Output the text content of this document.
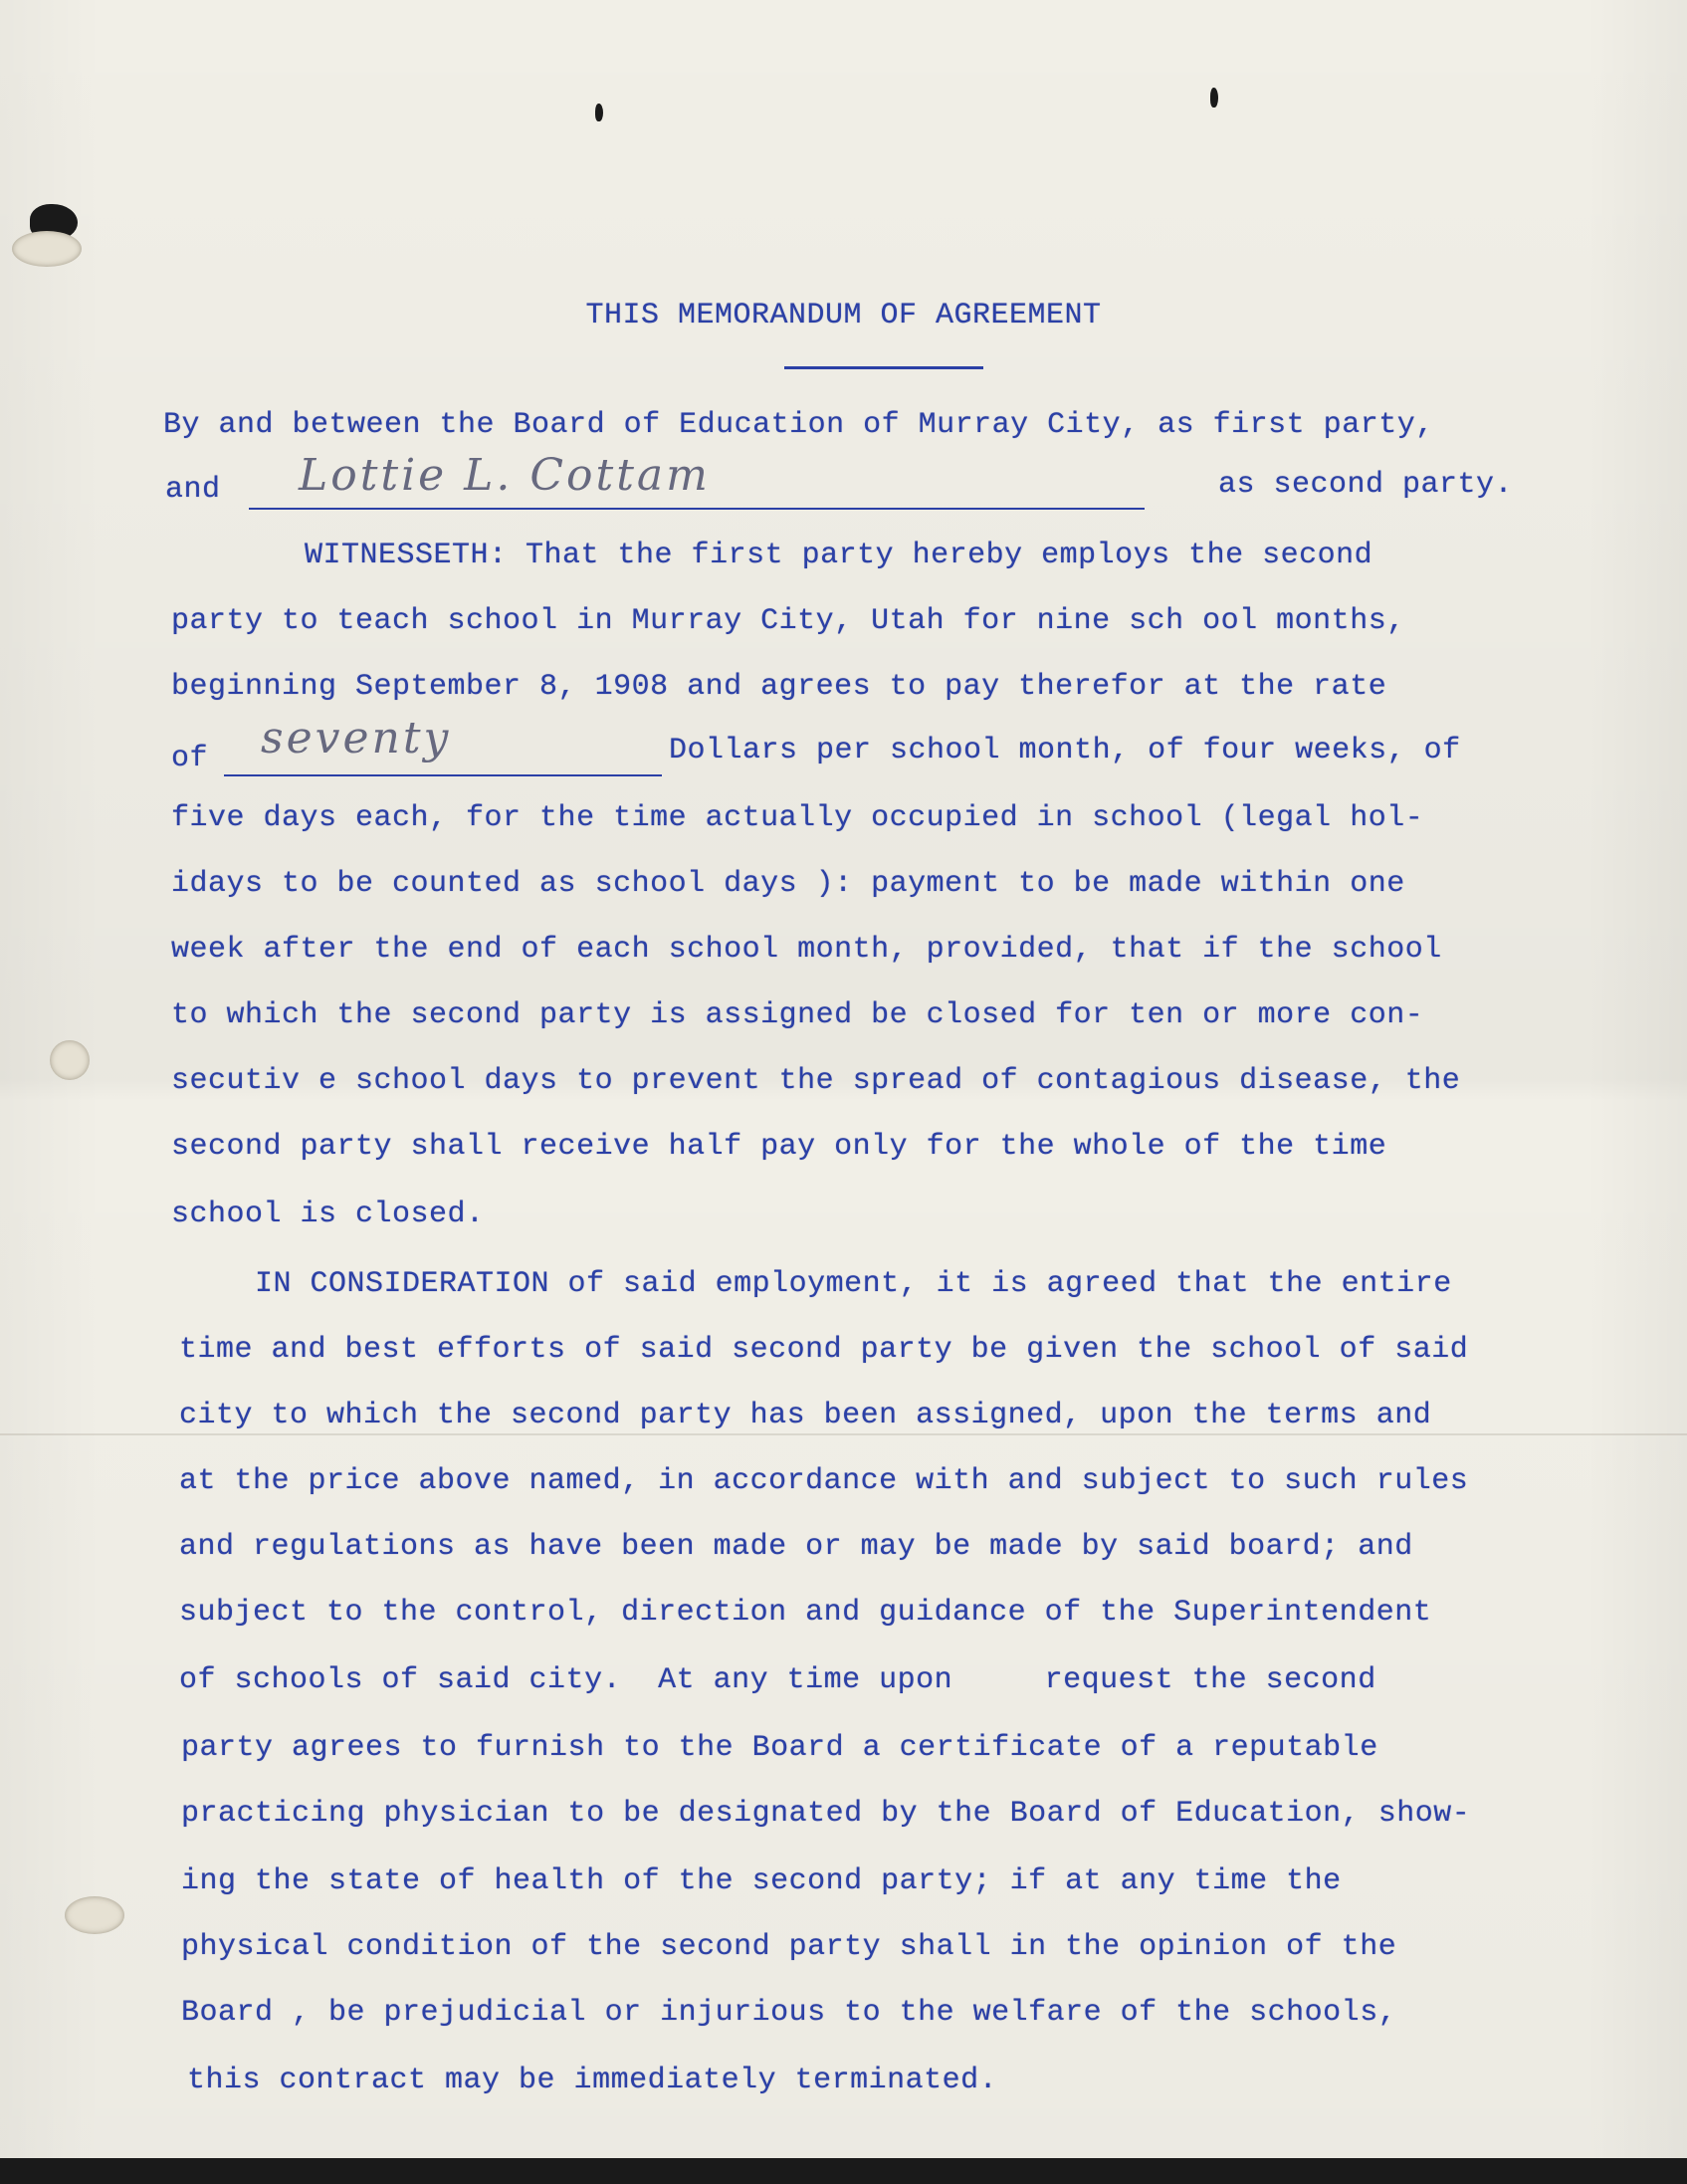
THIS MEMORANDUM OF AGREEMENT
By and between the Board of Education of Murray City, as first party,
and Lottie L. Cottam	as second party.
WITNESSETH: That the first party hereby employs the second
party to teach school in Murray City, Utah for nine sch ool months,
beginning September 8, 1908 and agrees to pay therefor at the rate
of seventy	Dollars per school month, of four weeks, of
five days each, for the time actually occupied in school (legal hol-
idays to be counted as school days ): payment to be made within one
week after the end of each school month, provided, that if the school
to which the second party is assigned be closed for ten or more con-
secutiv e school days to prevent the spread of contagious disease, the
second party shall receive half pay only for the whole of the time
school is closed.
IN CONSIDERATION of said employment, it is agreed that the entire
time and best efforts of said second party be given the school of said
city to which the second party has been assigned, upon the terms and
at the price above named, in accordance with and subject to such rules
and regulations as have been made or may be made by said board; and
subject to the control, direction and guidance of the Superintendent
of schools of said city.  At any time upon     request the second
party agrees to furnish to the Board a certificate of a reputable
practicing physician to be designated by the Board of Education, show-
ing the state of health of the second party; if at any time the
physical condition of the second party shall in the opinion of the
Board , be prejudicial or injurious to the welfare of the schools,
this contract may be immediately terminated.
